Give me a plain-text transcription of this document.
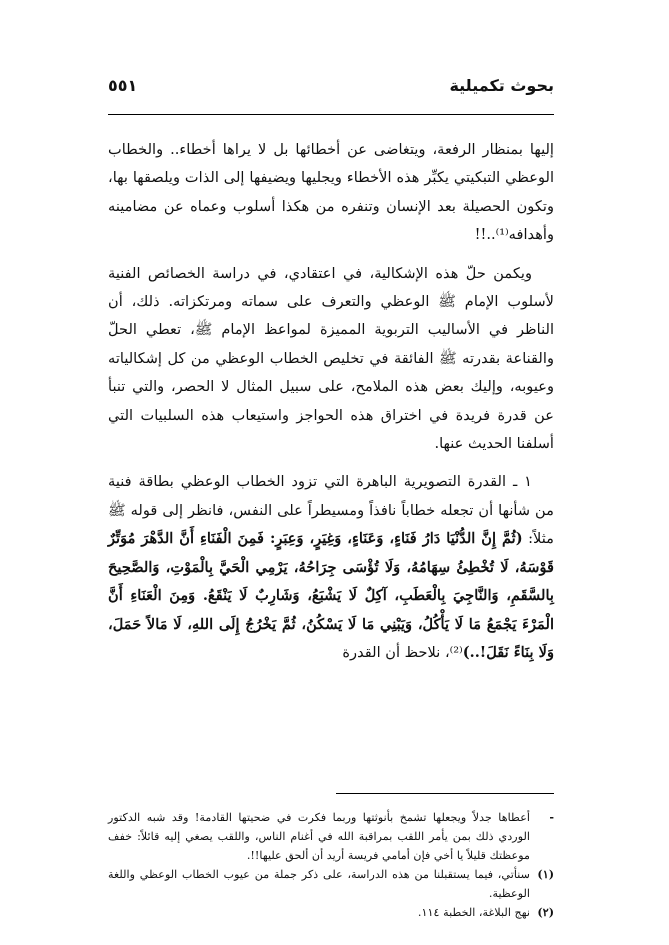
بحوث تكميلية
٥٥١

إليها بمنظار الرفعة، ويتغاضى عن أخطائها بل لا يراها أخطاء.. والخطاب الوعظي التبكيتي يكبِّر هذه الأخطاء ويجليها ويضيفها إلى الذات ويلصقها بها، وتكون الحصيلة بعد الإنسان وتنفره من هكذا أسلوب وعماه عن مضامينه وأهدافه⁽¹⁾..!!

ويكمن حلّ هذه الإشكالية، في اعتقادي، في دراسة الخصائص الفنية لأسلوب الإمام ﷺ الوعظي والتعرف على سماته ومرتكزاته. ذلك، أن الناظر في الأساليب التربوية المميزة لمواعظ الإمام ﷺ، تعطي الحلّ والقناعة بقدرته ﷺ الفائقة في تخليص الخطاب الوعظي من كل إشكالياته وعيوبه، وإليك بعض هذه الملامح، على سبيل المثال لا الحصر، والتي تنبأ عن قدرة فريدة في اختراق هذه الحواجز واستيعاب هذه السلبيات التي أسلفنا الحديث عنها.

١ ـ القدرة التصويرية الباهرة التي تزود الخطاب الوعظي بطاقة فنية من شأنها أن تجعله خطاباً نافذاً ومسيطراً على النفس، فانظر إلى قوله ﷺ مثلاً: (ثُمَّ إِنَّ الدُّنْيَا دَارُ فَنَاءٍ، وَعَنَاءٍ، وَغِيَرٍ، وَعِبَرٍ: فَمِنَ الْفَنَاءِ أَنَّ الدَّهْرَ مُوَتِّرٌ قَوْسَهُ، لَا تُخْطِئُ سِهَامُهُ، وَلَا تُؤْسَى جِرَاحُهُ، يَرْمِي الْحَيَّ بِالْمَوْتِ، وَالصَّحِيحَ بِالسَّقَمِ، وَالنَّاجِيَ بِالْعَطَبِ، آكِلٌ لَا يَشْبَعُ، وَشَارِبٌ لَا يَنْقَعُ. وَمِنَ الْعَنَاءِ أَنَّ الْمَرْءَ يَجْمَعُ مَا لَا يَأْكُلُ، وَيَبْنِي مَا لَا يَسْكُنُ، ثُمَّ يَخْرُجُ إِلَى اللهِ، لَا مَالاً حَمَلَ، وَلَا بِنَاءً نَقَلَ!..)⁽²⁾، نلاحظ أن القدرة

-
أعطاها جدلاً ويجعلها تشمخ بأنوثتها وربما فكرت في ضحيتها القادمة! وقد شبه الدكتور الوردي ذلك بمن يأمر اللقب بمراقبة الله في أغنام الناس، واللقب يصغي إليه قائلاً: خفف موعظتك قليلاً يا أخي فإن أمامي فريسة أريد أن ألحق عليها!!.
(١)
سنأتي، فيما يستقبلنا من هذه الدراسة، على ذكر جملة من عيوب الخطاب الوعظي واللغة الوعظية.
(٢)
نهج البلاغة، الخطبة ١١٤.
